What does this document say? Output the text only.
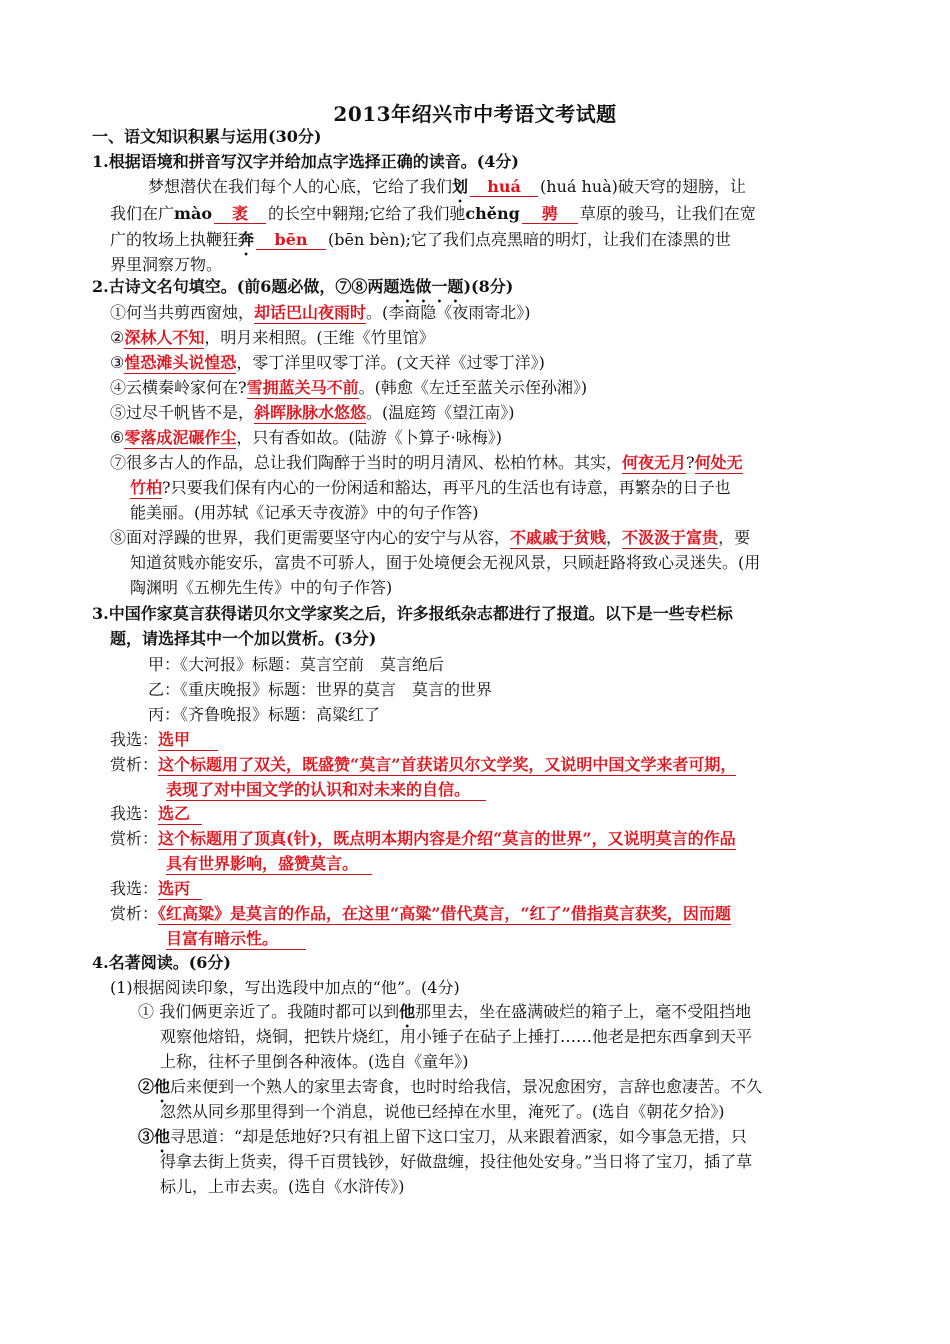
2013年绍兴市中考语文考试题
一、语文知识积累与运用(30分)
1.根据语境和拼音写汉字并给加点字选择正确的读音。(4分)
梦想潜伏在我们每个人的心底，它给了我们划 huá (huá huà)破天穹的翅膀，让
我们在广mào 袤 的长空中翱翔;它给了我们驰chěng 骋 草原的骏马，让我们在宽
广的牧场上执鞭狂奔 bēn (bēn bèn);它了我们点亮黑暗的明灯，让我们在漆黑的世
界里洞察万物。
2.古诗文名句填空。(前6题必做，⑦⑧两题选做一题)(8分)
①何当共剪西窗烛，却话巴山夜雨时。(李商隐《夜雨寄北》)
②深林人不知，明月来相照。(王维《竹里馆》
③惶恐滩头说惶恐，零丁洋里叹零丁洋。(文天祥《过零丁洋》)
④云横秦岭家何在?雪拥蓝关马不前。(韩愈《左迁至蓝关示侄孙湘》)
⑤过尽千帆皆不是，斜晖脉脉水悠悠。(温庭筠《望江南》)
⑥零落成泥碾作尘，只有香如故。(陆游《卜算子·咏梅》)
⑦很多古人的作品，总让我们陶醉于当时的明月清风、松柏竹林。其实，何夜无月?何处无
竹柏?只要我们保有内心的一份闲适和豁达，再平凡的生活也有诗意，再繁杂的日子也
能美丽。(用苏轼《记承天寺夜游》中的句子作答)
⑧面对浮躁的世界，我们更需要坚守内心的安宁与从容，不戚戚于贫贱，不汲汲于富贵，要
知道贫贱亦能安乐，富贵不可骄人，囿于处境便会无视风景，只顾赶路将致心灵迷失。(用
陶渊明《五柳先生传》中的句子作答)
3.中国作家莫言获得诺贝尔文学家奖之后，许多报纸杂志都进行了报道。以下是一些专栏标
题，请选择其中一个加以赏析。(3分)
甲：《大河报》标题：莫言空前　莫言绝后
乙：《重庆晚报》标题：世界的莫言　莫言的世界
丙：《齐鲁晚报》标题：高粱红了
我选：选甲
赏析：这个标题用了双关，既盛赞“莫言”首获诺贝尔文学奖，又说明中国文学来者可期，
表现了对中国文学的认识和对未来的自信。
我选：选乙
赏析：这个标题用了顶真(针)，既点明本期内容是介绍“莫言的世界”，又说明莫言的作品
具有世界影响，盛赞莫言。
我选：选丙
赏析：《红高粱》是莫言的作品，在这里“高粱”借代莫言，“红了”借指莫言获奖，因而题
目富有暗示性。
4.名著阅读。(6分)
(1)根据阅读印象，写出选段中加点的“他”。(4分)
① 我们俩更亲近了。我随时都可以到他那里去，坐在盛满破烂的箱子上，毫不受阻挡地
观察他熔铅，烧铜，把铁片烧红，用小锤子在砧子上捶打……他老是把东西拿到天平
上称，往杯子里倒各种液体。(选自《童年》)
②他后来便到一个熟人的家里去寄食，也时时给我信，景况愈困穷，言辞也愈凄苦。不久
忽然从同乡那里得到一个消息，说他已经掉在水里，淹死了。(选自《朝花夕拾》)
③他寻思道：“却是恁地好?只有祖上留下这口宝刀，从来跟着洒家，如今事急无措，只
得拿去街上货卖，得千百贯钱钞，好做盘缠，投往他处安身。”当日将了宝刀，插了草
标儿，上市去卖。(选自《水浒传》)
